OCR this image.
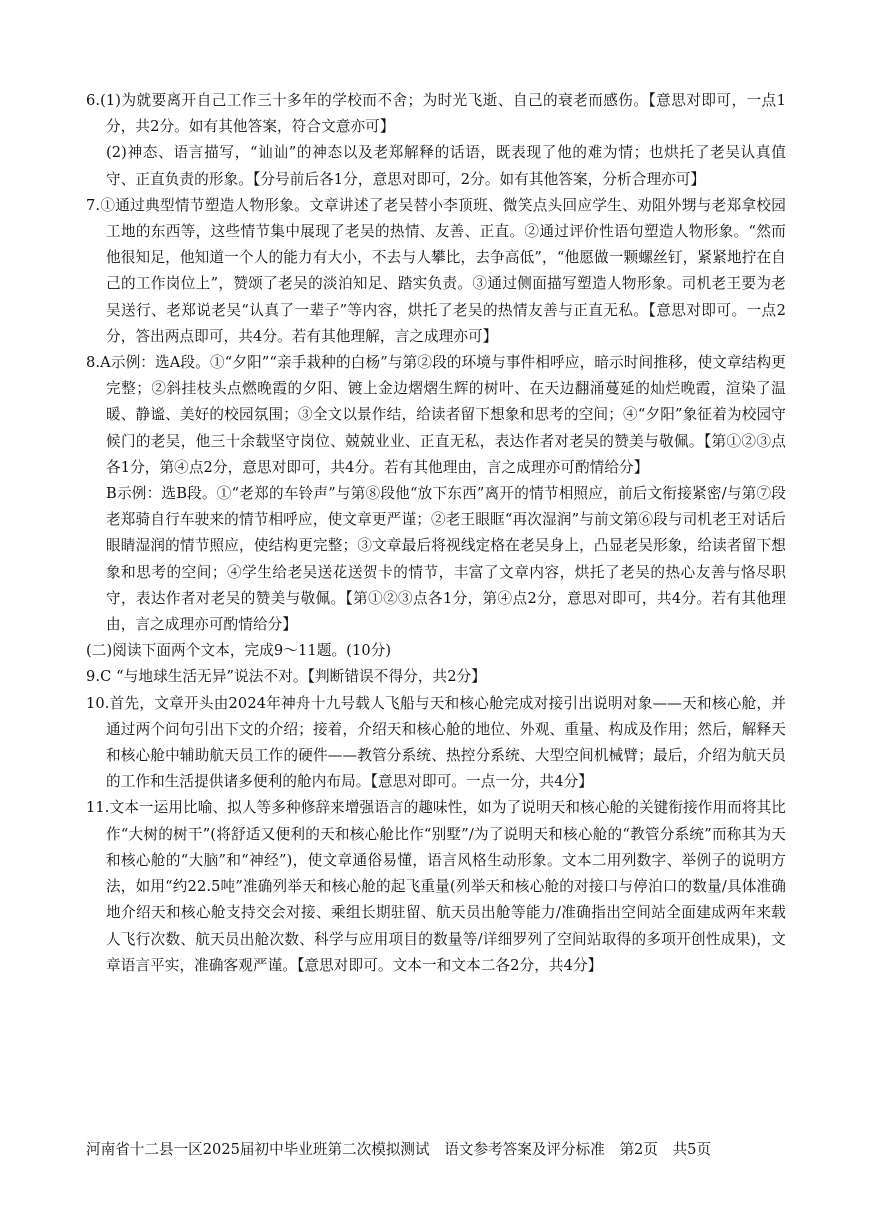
6.(1)为就要离开自己工作三十多年的学校而不舍；为时光飞逝、自己的衰老而感伤。【意思对即可，一点1分，共2分。如有其他答案，符合文意亦可】

(2)神态、语言描写，“讪讪”的神态以及老郑解释的话语，既表现了他的难为情；也烘托了老吴认真值守、正直负责的形象。【分号前后各1分，意思对即可，2分。如有其他答案，分析合理亦可】

7.①通过典型情节塑造人物形象。文章讲述了老吴替小李顶班、微笑点头回应学生、劝阻外甥与老郑拿校园工地的东西等，这些情节集中展现了老吴的热情、友善、正直。②通过评价性语句塑造人物形象。“然而他很知足，他知道一个人的能力有大小，不去与人攀比，去争高低”，“他愿做一颗螺丝钉，紧紧地拧在自己的工作岗位上”，赞颂了老吴的淡泊知足、踏实负责。③通过侧面描写塑造人物形象。司机老王要为老吴送行、老郑说老吴“认真了一辈子”等内容，烘托了老吴的热情友善与正直无私。【意思对即可。一点2分，答出两点即可，共4分。若有其他理解，言之成理亦可】

8.A示例：选A段。①“夕阳”“亲手栽种的白杨”与第②段的环境与事件相呼应，暗示时间推移，使文章结构更完整；②斜挂枝头点燃晚霞的夕阳、镀上金边熠熠生辉的树叶、在天边翻涌蔓延的灿烂晚霞，渲染了温暖、静谧、美好的校园氛围；③全文以景作结，给读者留下想象和思考的空间；④“夕阳”象征着为校园守候门的老吴，他三十余载坚守岗位、兢兢业业、正直无私，表达作者对老吴的赞美与敬佩。【第①②③点各1分，第④点2分，意思对即可，共4分。若有其他理由，言之成理亦可酌情给分】

B示例：选B段。①“老郑的车铃声”与第⑧段他“放下东西”离开的情节相照应，前后文衔接紧密/与第⑦段老郑骑自行车驶来的情节相呼应，使文章更严谨；②老王眼眶“再次湿润”与前文第⑥段与司机老王对话后眼睛湿润的情节照应，使结构更完整；③文章最后将视线定格在老吴身上，凸显老吴形象，给读者留下想象和思考的空间；④学生给老吴送花送贺卡的情节，丰富了文章内容，烘托了老吴的热心友善与恪尽职守，表达作者对老吴的赞美与敬佩。【第①②③点各1分，第④点2分，意思对即可，共4分。若有其他理由，言之成理亦可酌情给分】

(二)阅读下面两个文本，完成9～11题。(10分)

9.C “与地球生活无异”说法不对。【判断错误不得分，共2分】

10.首先，文章开头由2024年神舟十九号载人飞船与天和核心舱完成对接引出说明对象——天和核心舱，并通过两个问句引出下文的介绍；接着，介绍天和核心舱的地位、外观、重量、构成及作用；然后，解释天和核心舱中辅助航天员工作的硬件——教管分系统、热控分系统、大型空间机械臂；最后，介绍为航天员的工作和生活提供诸多便利的舱内布局。【意思对即可。一点一分，共4分】

11.文本一运用比喻、拟人等多种修辞来增强语言的趣味性，如为了说明天和核心舱的关键衔接作用而将其比作“大树的树干”(将舒适又便利的天和核心舱比作“别墅”/为了说明天和核心舱的“教管分系统”而称其为天和核心舱的“大脑”和“神经”)，使文章通俗易懂，语言风格生动形象。文本二用列数字、举例子的说明方法，如用“约22.5吨”准确列举天和核心舱的起飞重量(列举天和核心舱的对接口与停泊口的数量/具体准确地介绍天和核心舱支持交会对接、乘组长期驻留、航天员出舱等能力/准确指出空间站全面建成两年来载人飞行次数、航天员出舱次数、科学与应用项目的数量等/详细罗列了空间站取得的多项开创性成果)，文章语言平实，准确客观严谨。【意思对即可。文本一和文本二各2分，共4分】

河南省十二县一区2025届初中毕业班第二次模拟测试 语文参考答案及评分标准 第2页 共5页
